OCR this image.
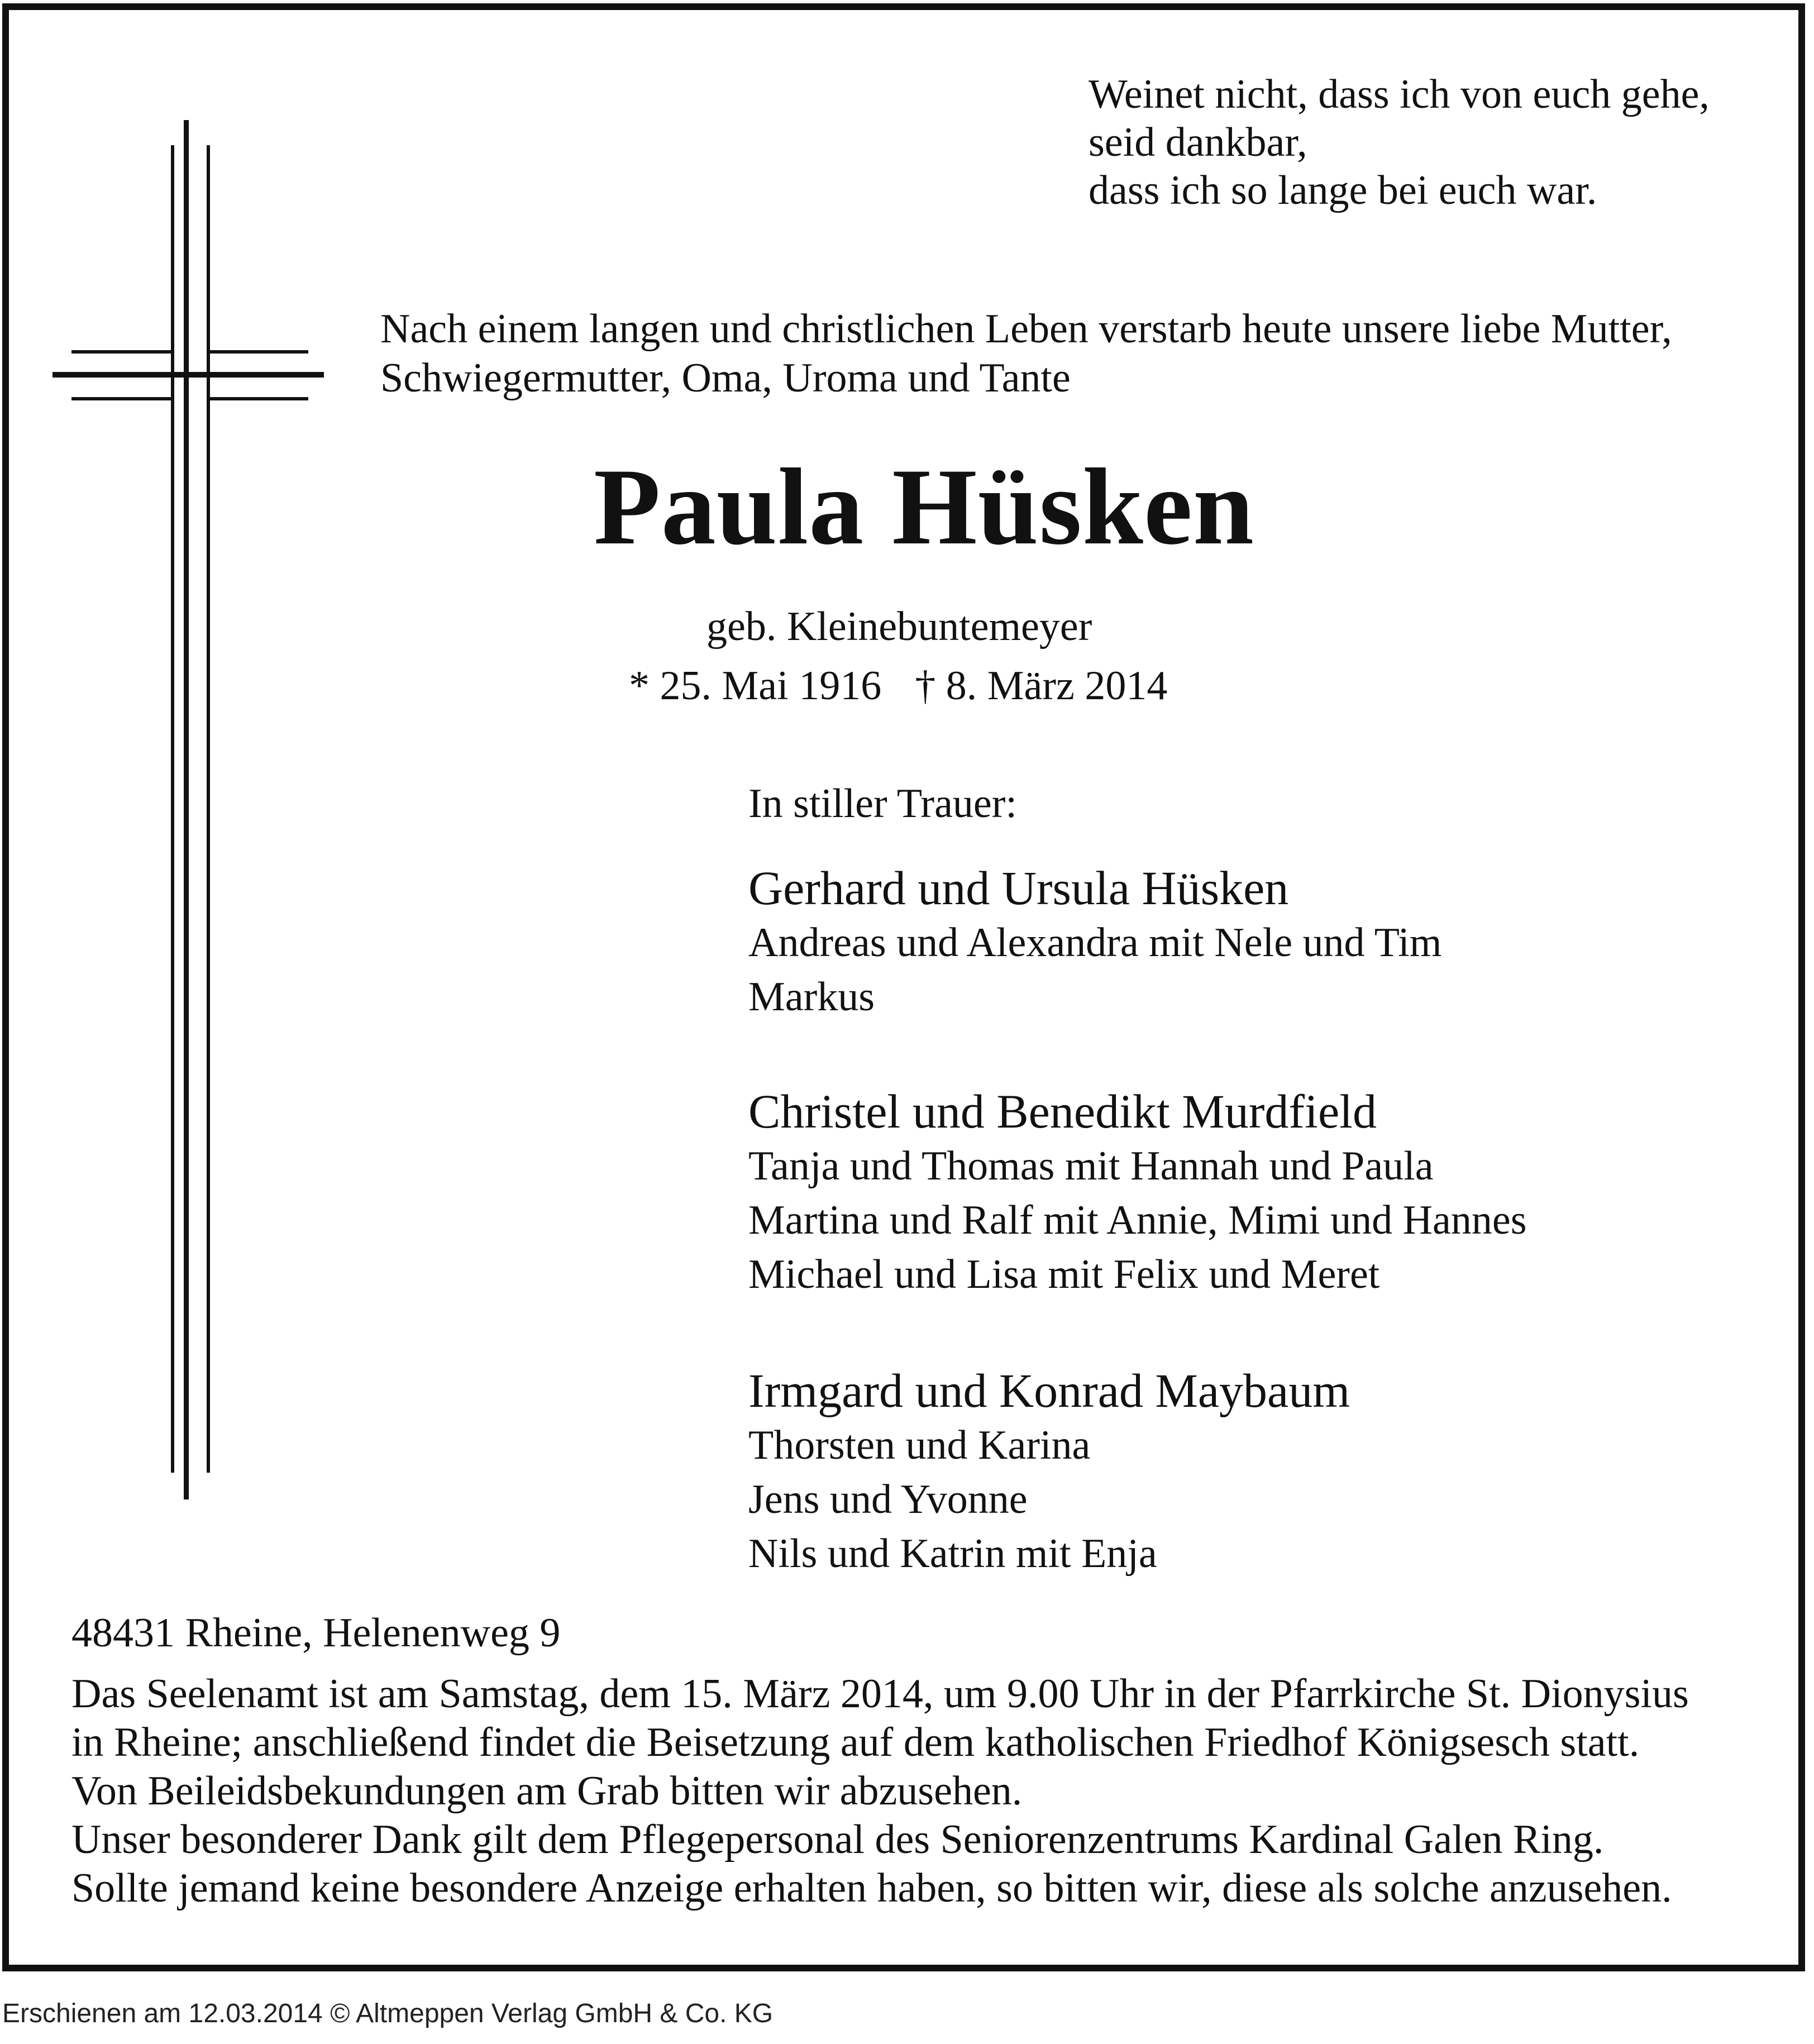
Weinet nicht, dass ich von euch gehe,
seid dankbar,
dass ich so lange bei euch war.
Nach einem langen und christlichen Leben verstarb heute unsere liebe Mutter,
Schwiegermutter, Oma, Uroma und Tante
Paula Hüsken
geb. Kleinebuntemeyer
* 25. Mai 1916 † 8. März 2014
In stiller Trauer:
Gerhard und Ursula Hüsken
Andreas und Alexandra mit Nele und Tim
Markus
Christel und Benedikt Murdfield
Tanja und Thomas mit Hannah und Paula
Martina und Ralf mit Annie, Mimi und Hannes
Michael und Lisa mit Felix und Meret
Irmgard und Konrad Maybaum
Thorsten und Karina
Jens und Yvonne
Nils und Katrin mit Enja
48431 Rheine, Helenenweg 9
Das Seelenamt ist am Samstag, dem 15. März 2014, um 9.00 Uhr in der Pfarrkirche St. Dionysius
in Rheine; anschließend findet die Beisetzung auf dem katholischen Friedhof Königsesch statt.
Von Beileidsbekundungen am Grab bitten wir abzusehen.
Unser besonderer Dank gilt dem Pflegepersonal des Seniorenzentrums Kardinal Galen Ring.
Sollte jemand keine besondere Anzeige erhalten haben, so bitten wir, diese als solche anzusehen.
Erschienen am 12.03.2014 © Altmeppen Verlag GmbH & Co. KG
